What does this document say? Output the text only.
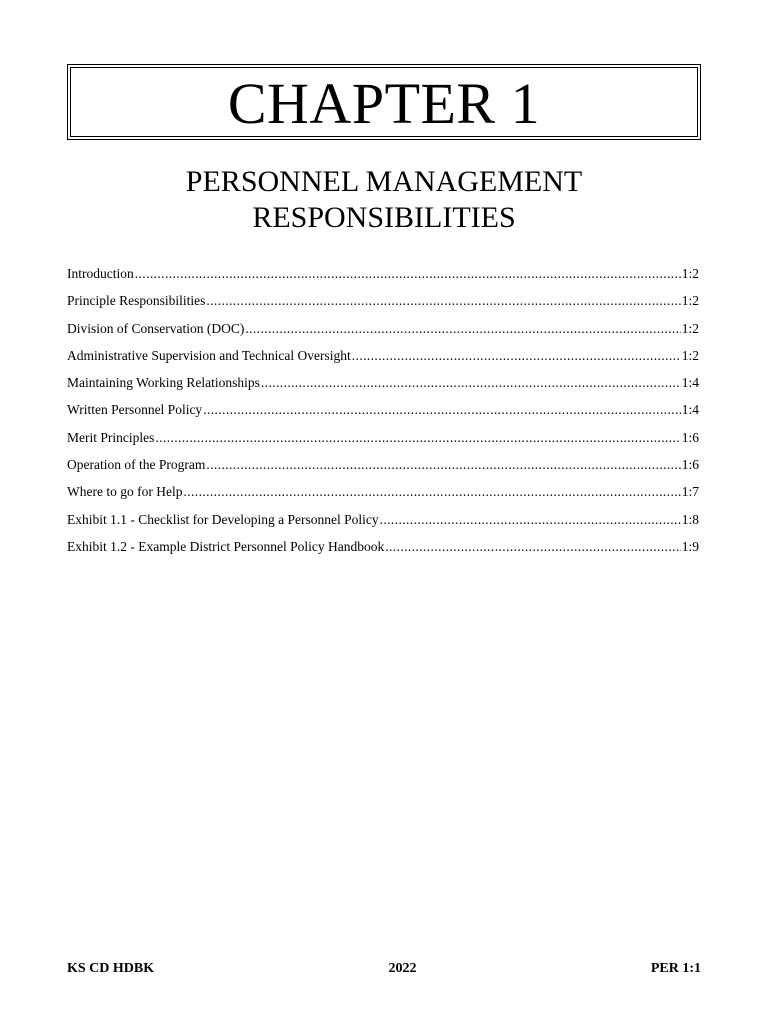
CHAPTER 1
PERSONNEL MANAGEMENT
RESPONSIBILITIES
Introduction .....	1:2
Principle Responsibilities .....	1:2
Division of Conservation (DOC) .....	1:2
Administrative Supervision and Technical Oversight .....	1:2
Maintaining Working Relationships .....	1:4
Written Personnel Policy .....	1:4
Merit Principles .....	1:6
Operation of the Program .....	1:6
Where to go for Help .....	1:7
Exhibit 1.1 - Checklist for Developing a Personnel Policy .....	1:8
Exhibit 1.2 - Example District Personnel Policy Handbook .....	1:9
KS CD HDBK	2022	PER 1:1
